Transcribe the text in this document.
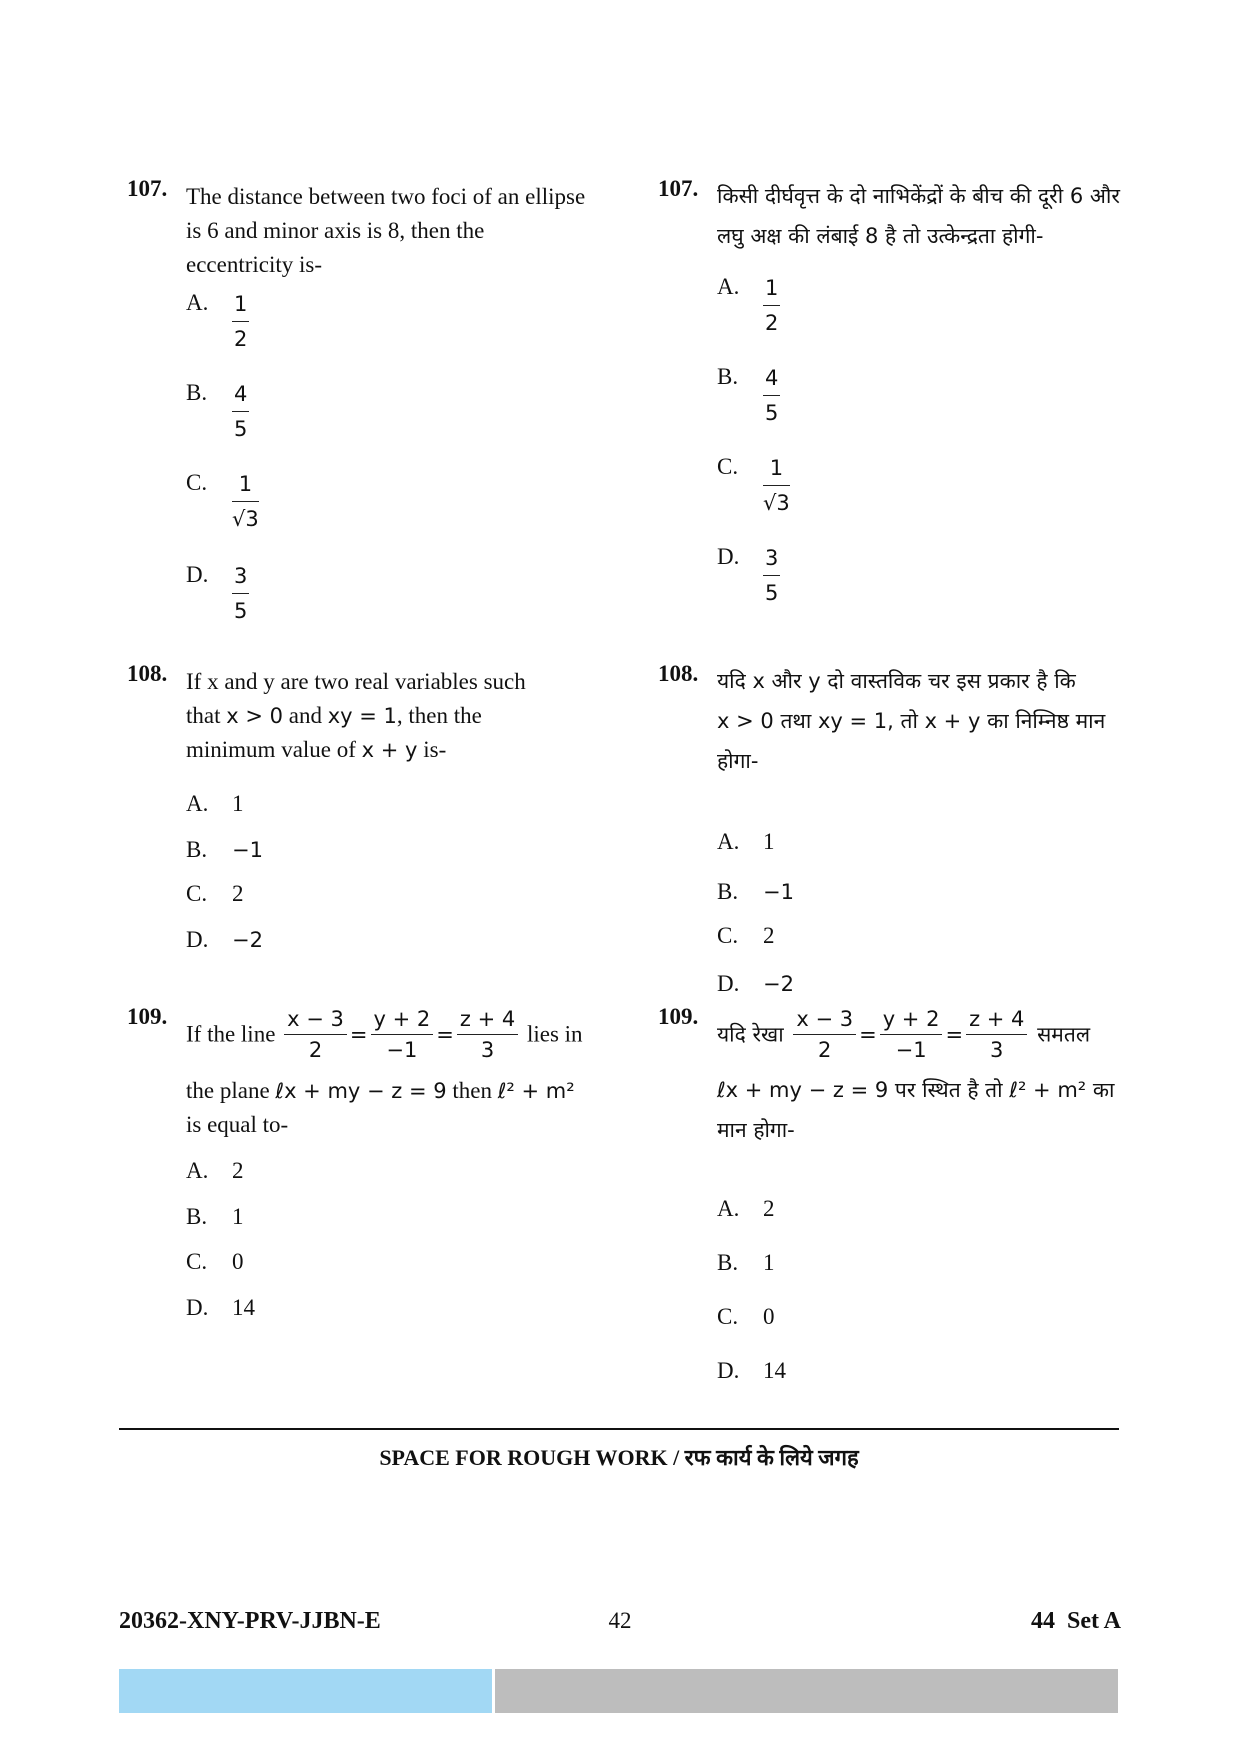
107. The distance between two foci of an ellipse is 6 and minor axis is 8, then the eccentricity is-
A. $\frac{1}{2}$
B. $\frac{4}{5}$
C. $\frac{1}{√3}$
D. $\frac{3}{5}$
108. If x and y are two real variables such
that x > 0 and xy = 1, then the
minimum value of x + y is-
A. 1
B. −1
C. 2
D. −2
109.
If the line $\frac{x - 3}{2} = \frac{y + 2}{-1} = \frac{z + 4}{3}$ lies in
the plane ℓx + my − z = 9 then ℓ² + m²
is equal to-
A. 2
B. 1
C. 0
D. 14
107. किसी दीर्घवृत्त के दो नाभिकेंद्रों के बीच की दूरी 6 और लघु अक्ष की लंबाई 8 है तो उत्केन्द्रता होगी-
A. $\frac{1}{2}$
B. $\frac{4}{5}$
C. $\frac{1}{√3}$
D. $\frac{3}{5}$
108. यदि x और y दो वास्तविक चर इस प्रकार है कि
x > 0 तथा xy = 1, तो x + y का निम्निष्ठ मान होगा-
A. 1
B. −1
C. 2
D. −2
109.
यदि रेखा $\frac{x - 3}{2} = \frac{y + 2}{-1} = \frac{z + 4}{3}$ समतल
ℓx + my − z = 9 पर स्थित है तो ℓ² + m² का मान होगा-
A. 2
B. 1
C. 0
D. 14
SPACE FOR ROUGH WORK / रफ कार्य के लिये जगह
20362-XNY-PRV-JJBN-E	42	44  Set A
